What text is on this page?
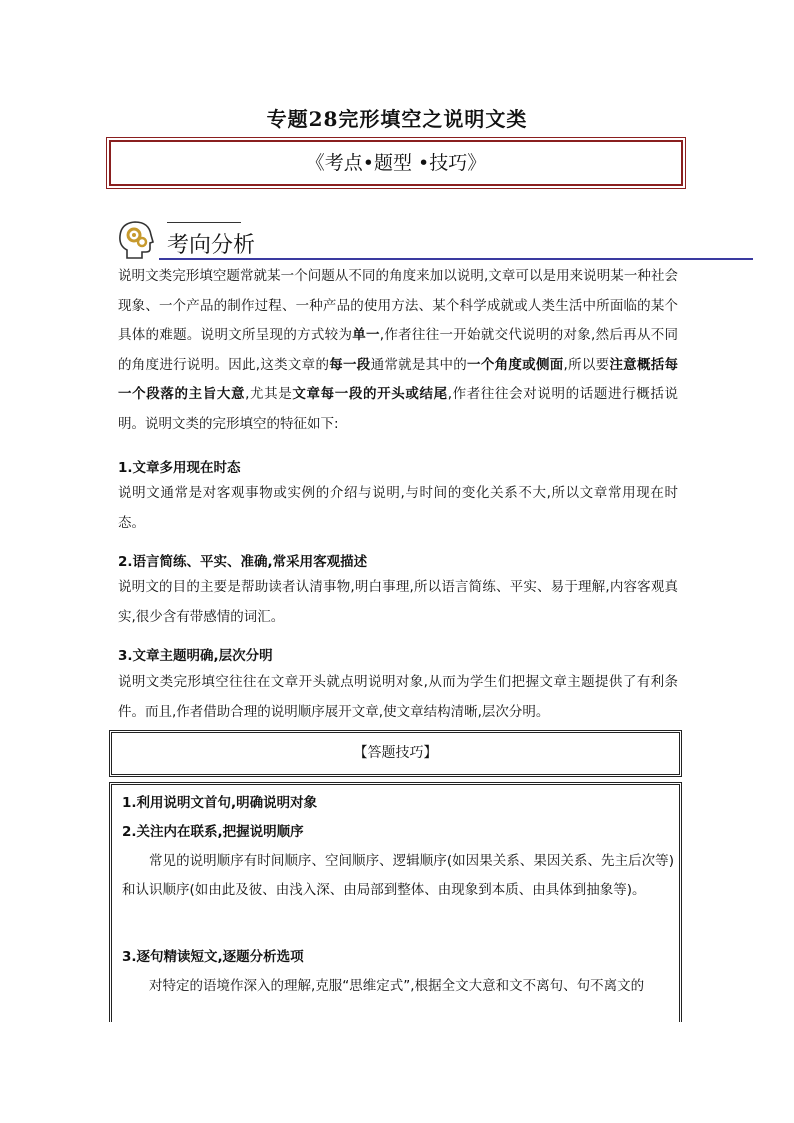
专题28完形填空之说明文类
《考点•题型 •技巧》
考向分析
说明文类完形填空题常就某一个问题从不同的角度来加以说明,文章可以是用来说明某一种社会现象、一个产品的制作过程、一种产品的使用方法、某个科学成就或人类生活中所面临的某个具体的难题。说明文所呈现的方式较为单一,作者往往一开始就交代说明的对象,然后再从不同的角度进行说明。因此,这类文章的每一段通常就是其中的一个角度或侧面,所以要注意概括每一个段落的主旨大意,尤其是文章每一段的开头或结尾,作者往往会对说明的话题进行概括说明。说明文类的完形填空的特征如下:
1.文章多用现在时态
说明文通常是对客观事物或实例的介绍与说明,与时间的变化关系不大,所以文章常用现在时态。
2.语言简练、平实、准确,常采用客观描述
说明文的目的主要是帮助读者认清事物,明白事理,所以语言简练、平实、易于理解,内容客观真实,很少含有带感情的词汇。
3.文章主题明确,层次分明
说明文类完形填空往往在文章开头就点明说明对象,从而为学生们把握文章主题提供了有利条件。而且,作者借助合理的说明顺序展开文章,使文章结构清晰,层次分明。
【答题技巧】
1.利用说明文首句,明确说明对象
2.关注内在联系,把握说明顺序
常见的说明顺序有时间顺序、空间顺序、逻辑顺序(如因果关系、果因关系、先主后次等)和认识顺序(如由此及彼、由浅入深、由局部到整体、由现象到本质、由具体到抽象等)。
3.逐句精读短文,逐题分析选项
对特定的语境作深入的理解,克服“思维定式”,根据全文大意和文不离句、句不离文的
